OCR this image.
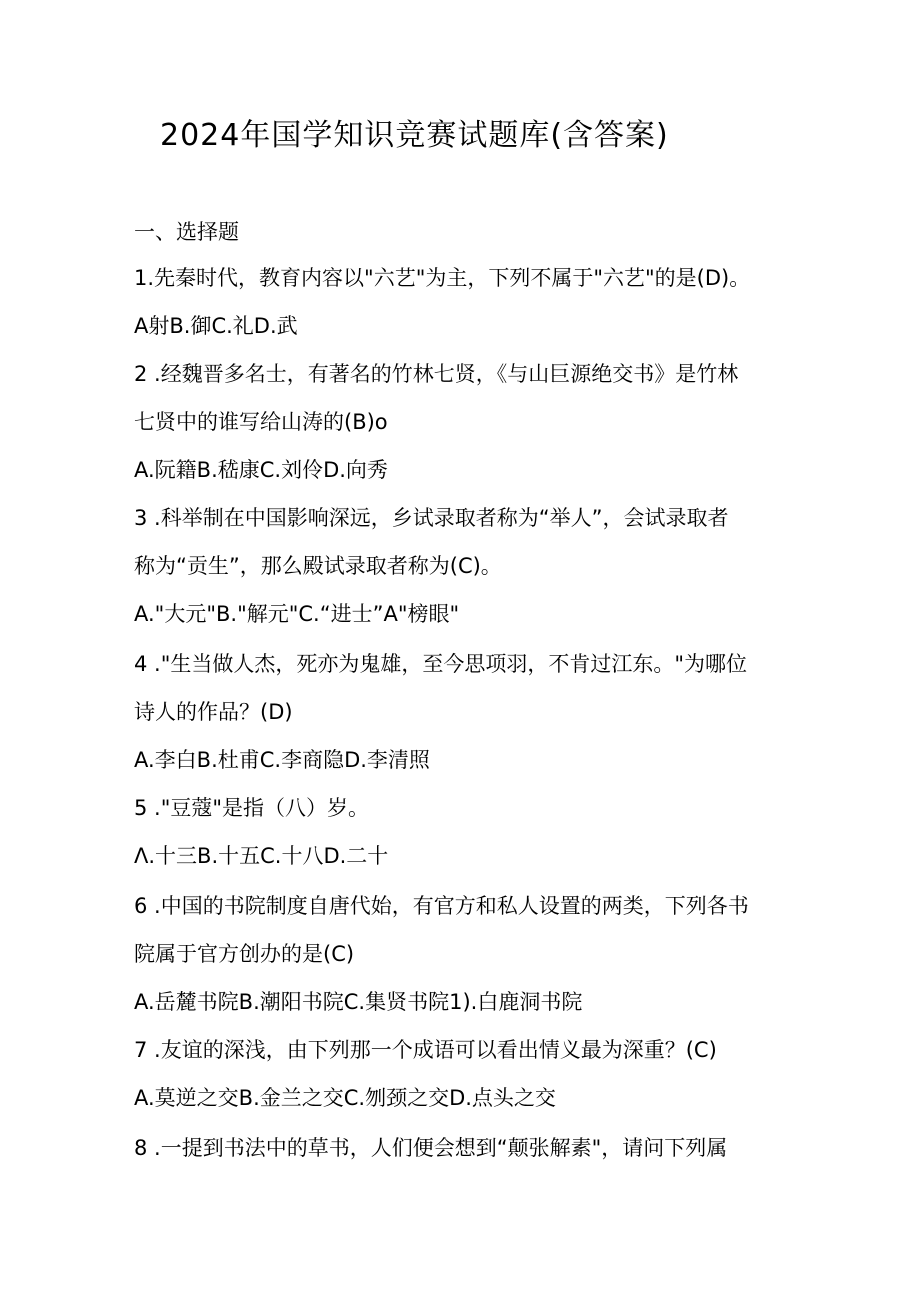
2024年国学知识竞赛试题库(含答案)
一、选择题
1.先秦时代，教育内容以"六艺"为主，下列不属于"六艺"的是(D)。
A射B.御C.礼D.武
2 .经魏晋多名士，有著名的竹林七贤，《与山巨源绝交书》是竹林
七贤中的谁写给山涛的(B)o
A.阮籍B.嵇康C.刘伶D.向秀
3 .科举制在中国影响深远，乡试录取者称为“举人”，会试录取者
称为“贡生”，那么殿试录取者称为(C)。
A."大元"B."解元"C.“进士”A"榜眼"
4 ."生当做人杰，死亦为鬼雄，至今思项羽，不肯过江东。"为哪位
诗人的作品？(D)
A.李白B.杜甫C.李商隐D.李清照
5 ."豆蔻"是指（八）岁。
Λ.十三B.十五C.十八D.二十
6 .中国的书院制度自唐代始，有官方和私人设置的两类，下列各书
院属于官方创办的是(C)
A.岳麓书院B.潮阳书院C.集贤书院1).白鹿洞书院
7 .友谊的深浅，由下列那一个成语可以看出情义最为深重？(C)
A.莫逆之交B.金兰之交C.刎颈之交D.点头之交
8 .一提到书法中的草书，人们便会想到“颠张解素"，请问下列属
